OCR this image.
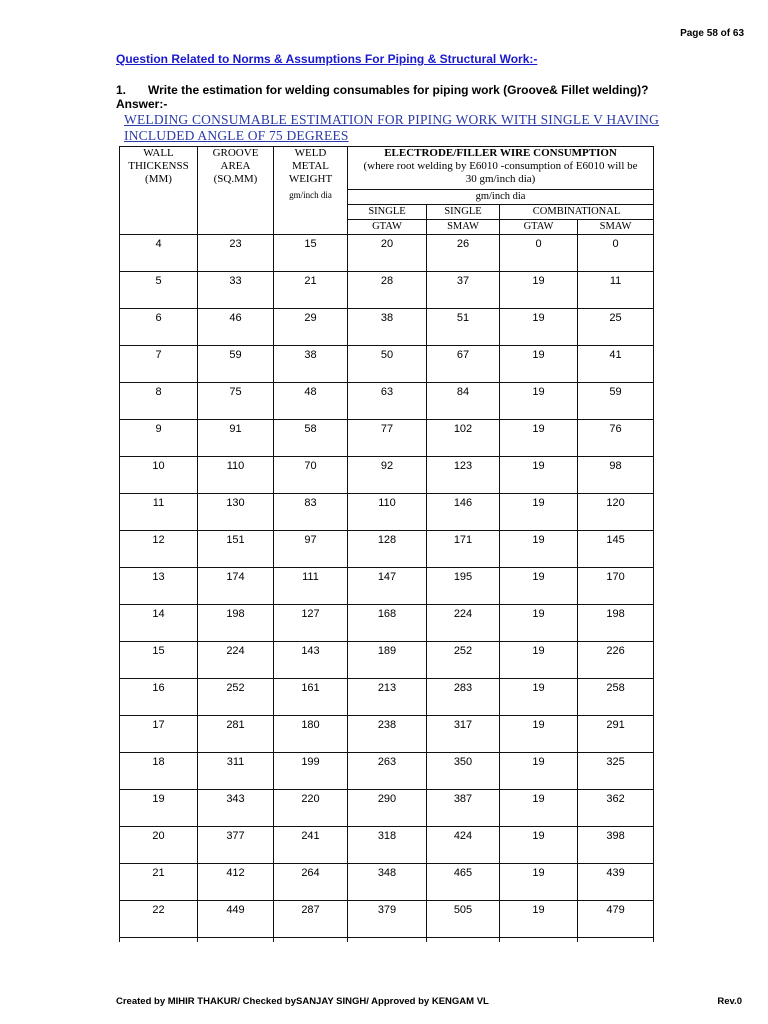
Page 58 of 63
Question Related to Norms & Assumptions For Piping & Structural Work:-
1. Write the estimation for welding consumables for piping work (Groove& Fillet welding)?
Answer:-
WELDING CONSUMABLE ESTIMATION FOR PIPING WORK WITH SINGLE V HAVING
INCLUDED ANGLE OF 75 DEGREES
WALL
THICKENSS
(MM)	GROOVE
AREA
(SQ.MM)	WELD
METAL
WEIGHT
gm/inch dia	ELECTRODE/FILLER WIRE CONSUMPTION
(where root welding by E6010 -consumption of E6010 will be
30 gm/inch dia)			

			gm/inch dia			
			SINGLE	SINGLE	COMBINATIONAL	
			GTAW	SMAW	GTAW	SMAW
4	23	15	20	26	0	0
5	33	21	28	37	19	11
6	46	29	38	51	19	25
7	59	38	50	67	19	41
8	75	48	63	84	19	59
9	91	58	77	102	19	76
10	110	70	92	123	19	98
11	130	83	110	146	19	120
12	151	97	128	171	19	145
13	174	111	147	195	19	170
14	198	127	168	224	19	198
15	224	143	189	252	19	226
16	252	161	213	283	19	258
17	281	180	238	317	19	291
18	311	199	263	350	19	325
19	343	220	290	387	19	362
20	377	241	318	424	19	398
21	412	264	348	465	19	439
22	449	287	379	505	19	479

Created by MIHIR THAKUR/ Checked bySANJAY SINGH/ Approved by KENGAM VL	Rev.0
